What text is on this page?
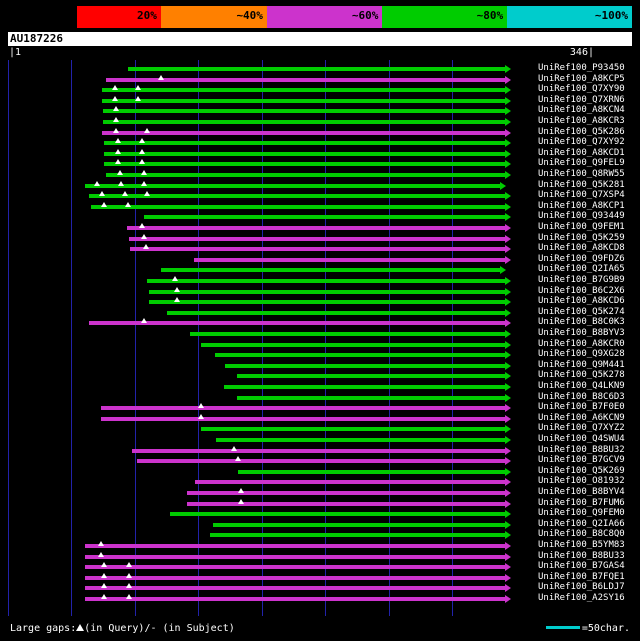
20%	~40%	~60%	~80%	~100%
AU187226
|1	346|
UniRef100_P93450
UniRef100_A8KCP5
UniRef100_Q7XY90
UniRef100_Q7XRN6
UniRef100_A8KCN4
UniRef100_A8KCR3
UniRef100_Q5K286
UniRef100_Q7XY92
UniRef100_A8KCD1
UniRef100_Q9FEL9
UniRef100_Q8RW55
UniRef100_Q5K281
UniRef100_Q7XSP4
UniRef100_A8KCP1
UniRef100_Q93449
UniRef100_Q9FEM1
UniRef100_Q5K259
UniRef100_A8KCD8
UniRef100_Q9FDZ6
UniRef100_Q2IA65
UniRef100_B7G9B9
UniRef100_B6C2X6
UniRef100_A8KCD6
UniRef100_Q5K274
UniRef100_B8C0K3
UniRef100_B8BYV3
UniRef100_A8KCR0
UniRef100_Q9XG28
UniRef100_Q9M441
UniRef100_Q5K278
UniRef100_Q4LKN9
UniRef100_B8C6D3
UniRef100_B7F0E0
UniRef100_A6KCN9
UniRef100_Q7XYZ2
UniRef100_Q4SWU4
UniRef100_B8BU32
UniRef100_B7GCV9
UniRef100_Q5K269
UniRef100_O81932
UniRef100_B8BYV4
UniRef100_B7FUM6
UniRef100_Q9FEM0
UniRef100_Q2IA66
UniRef100_B8C8Q0
UniRef100_B5YM83
UniRef100_B8BU33
UniRef100_B7GAS4
UniRef100_B7FQE1
UniRef100_B6LDJ7
UniRef100_A2SY16
Large gaps: (in Query)/- (in Subject)	=50char.
